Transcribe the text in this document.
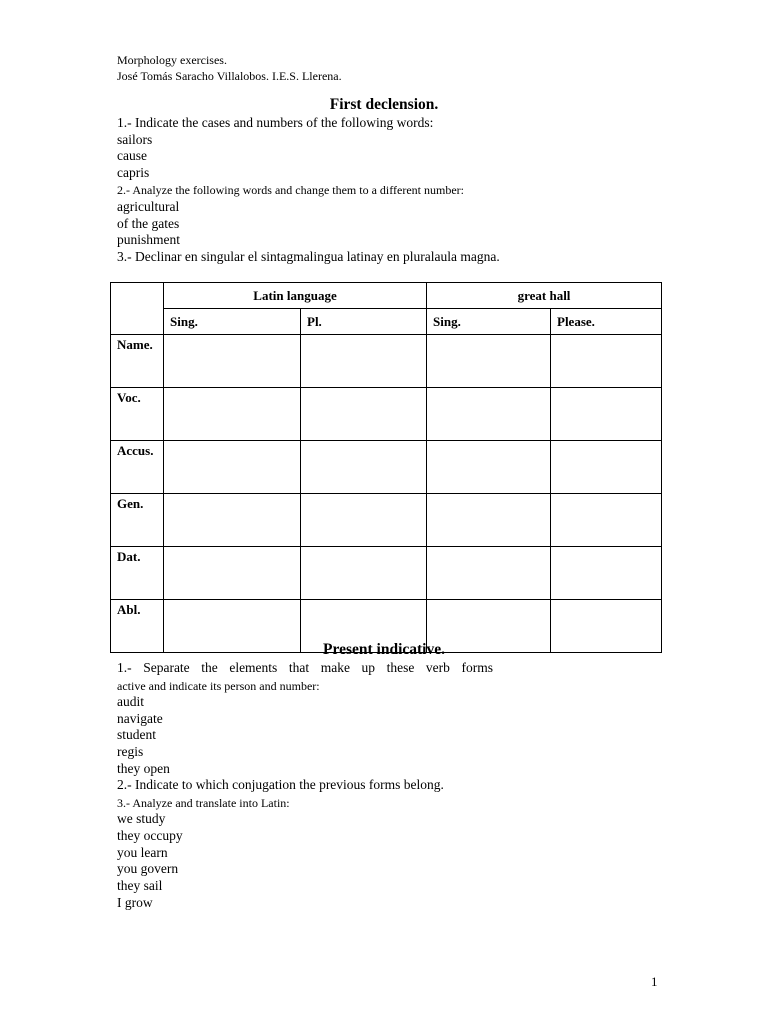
Morphology exercises.
José Tomás Saracho Villalobos. I.E.S. Llerena.
First declension.
1.- Indicate the cases and numbers of the following words:
sailors
cause
capris
2.- Analyze the following words and change them to a different number:
agricultural
of the gates
punishment
3.- Declinar en singular el sintagmalingua latinay en pluralaula magna.
	Latin language		great hall	
	Sing.	Pl.	Sing.	Please.
Name.				
Voc.				
Accus.				
Gen.				
Dat.				
Abl.				
Present indicative.
1.- Separate the elements that make up these verb forms
active and indicate its person and number:
audit
navigate
student
regis
they open
2.- Indicate to which conjugation the previous forms belong.
3.- Analyze and translate into Latin:
we study
they occupy
you learn
you govern
they sail
I grow
1
